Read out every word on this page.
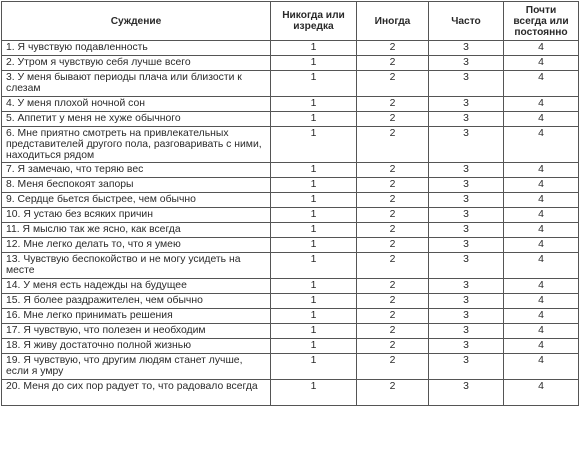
Суждение	Никогда или изредка	Иногда	Часто	Почти всегда или постоянно
1. Я чувствую подавленность	1	2	3	4
2. Утром я чувствую себя лучше всего	1	2	3	4
3. У меня бывают периоды плача или близости к слезам	1	2	3	4
4. У меня плохой ночной сон	1	2	3	4
5. Аппетит у меня не хуже обычного	1	2	3	4
6. Мне приятно смотреть на привлекательных представителей другого пола, разговаривать с ними, находиться рядом	1	2	3	4
7. Я замечаю, что теряю вес	1	2	3	4
8. Меня беспокоят запоры	1	2	3	4
9. Сердце бьется быстрее, чем обычно	1	2	3	4
10. Я устаю без всяких причин	1	2	3	4
11. Я мыслю так же ясно, как всегда	1	2	3	4
12. Мне легко делать то, что я умею	1	2	3	4
13. Чувствую беспокойство и не могу усидеть на месте	1	2	3	4
14. У меня есть надежды на будущее	1	2	3	4
15. Я более раздражителен, чем обычно	1	2	3	4
16. Мне легко принимать решения	1	2	3	4
17. Я чувствую, что полезен и необходим	1	2	3	4
18. Я живу достаточно полной жизнью	1	2	3	4
19. Я чувствую, что другим людям станет лучше, если я умру	1	2	3	4
20. Меня до сих пор радует то, что радовало всегда	1	2	3	4
